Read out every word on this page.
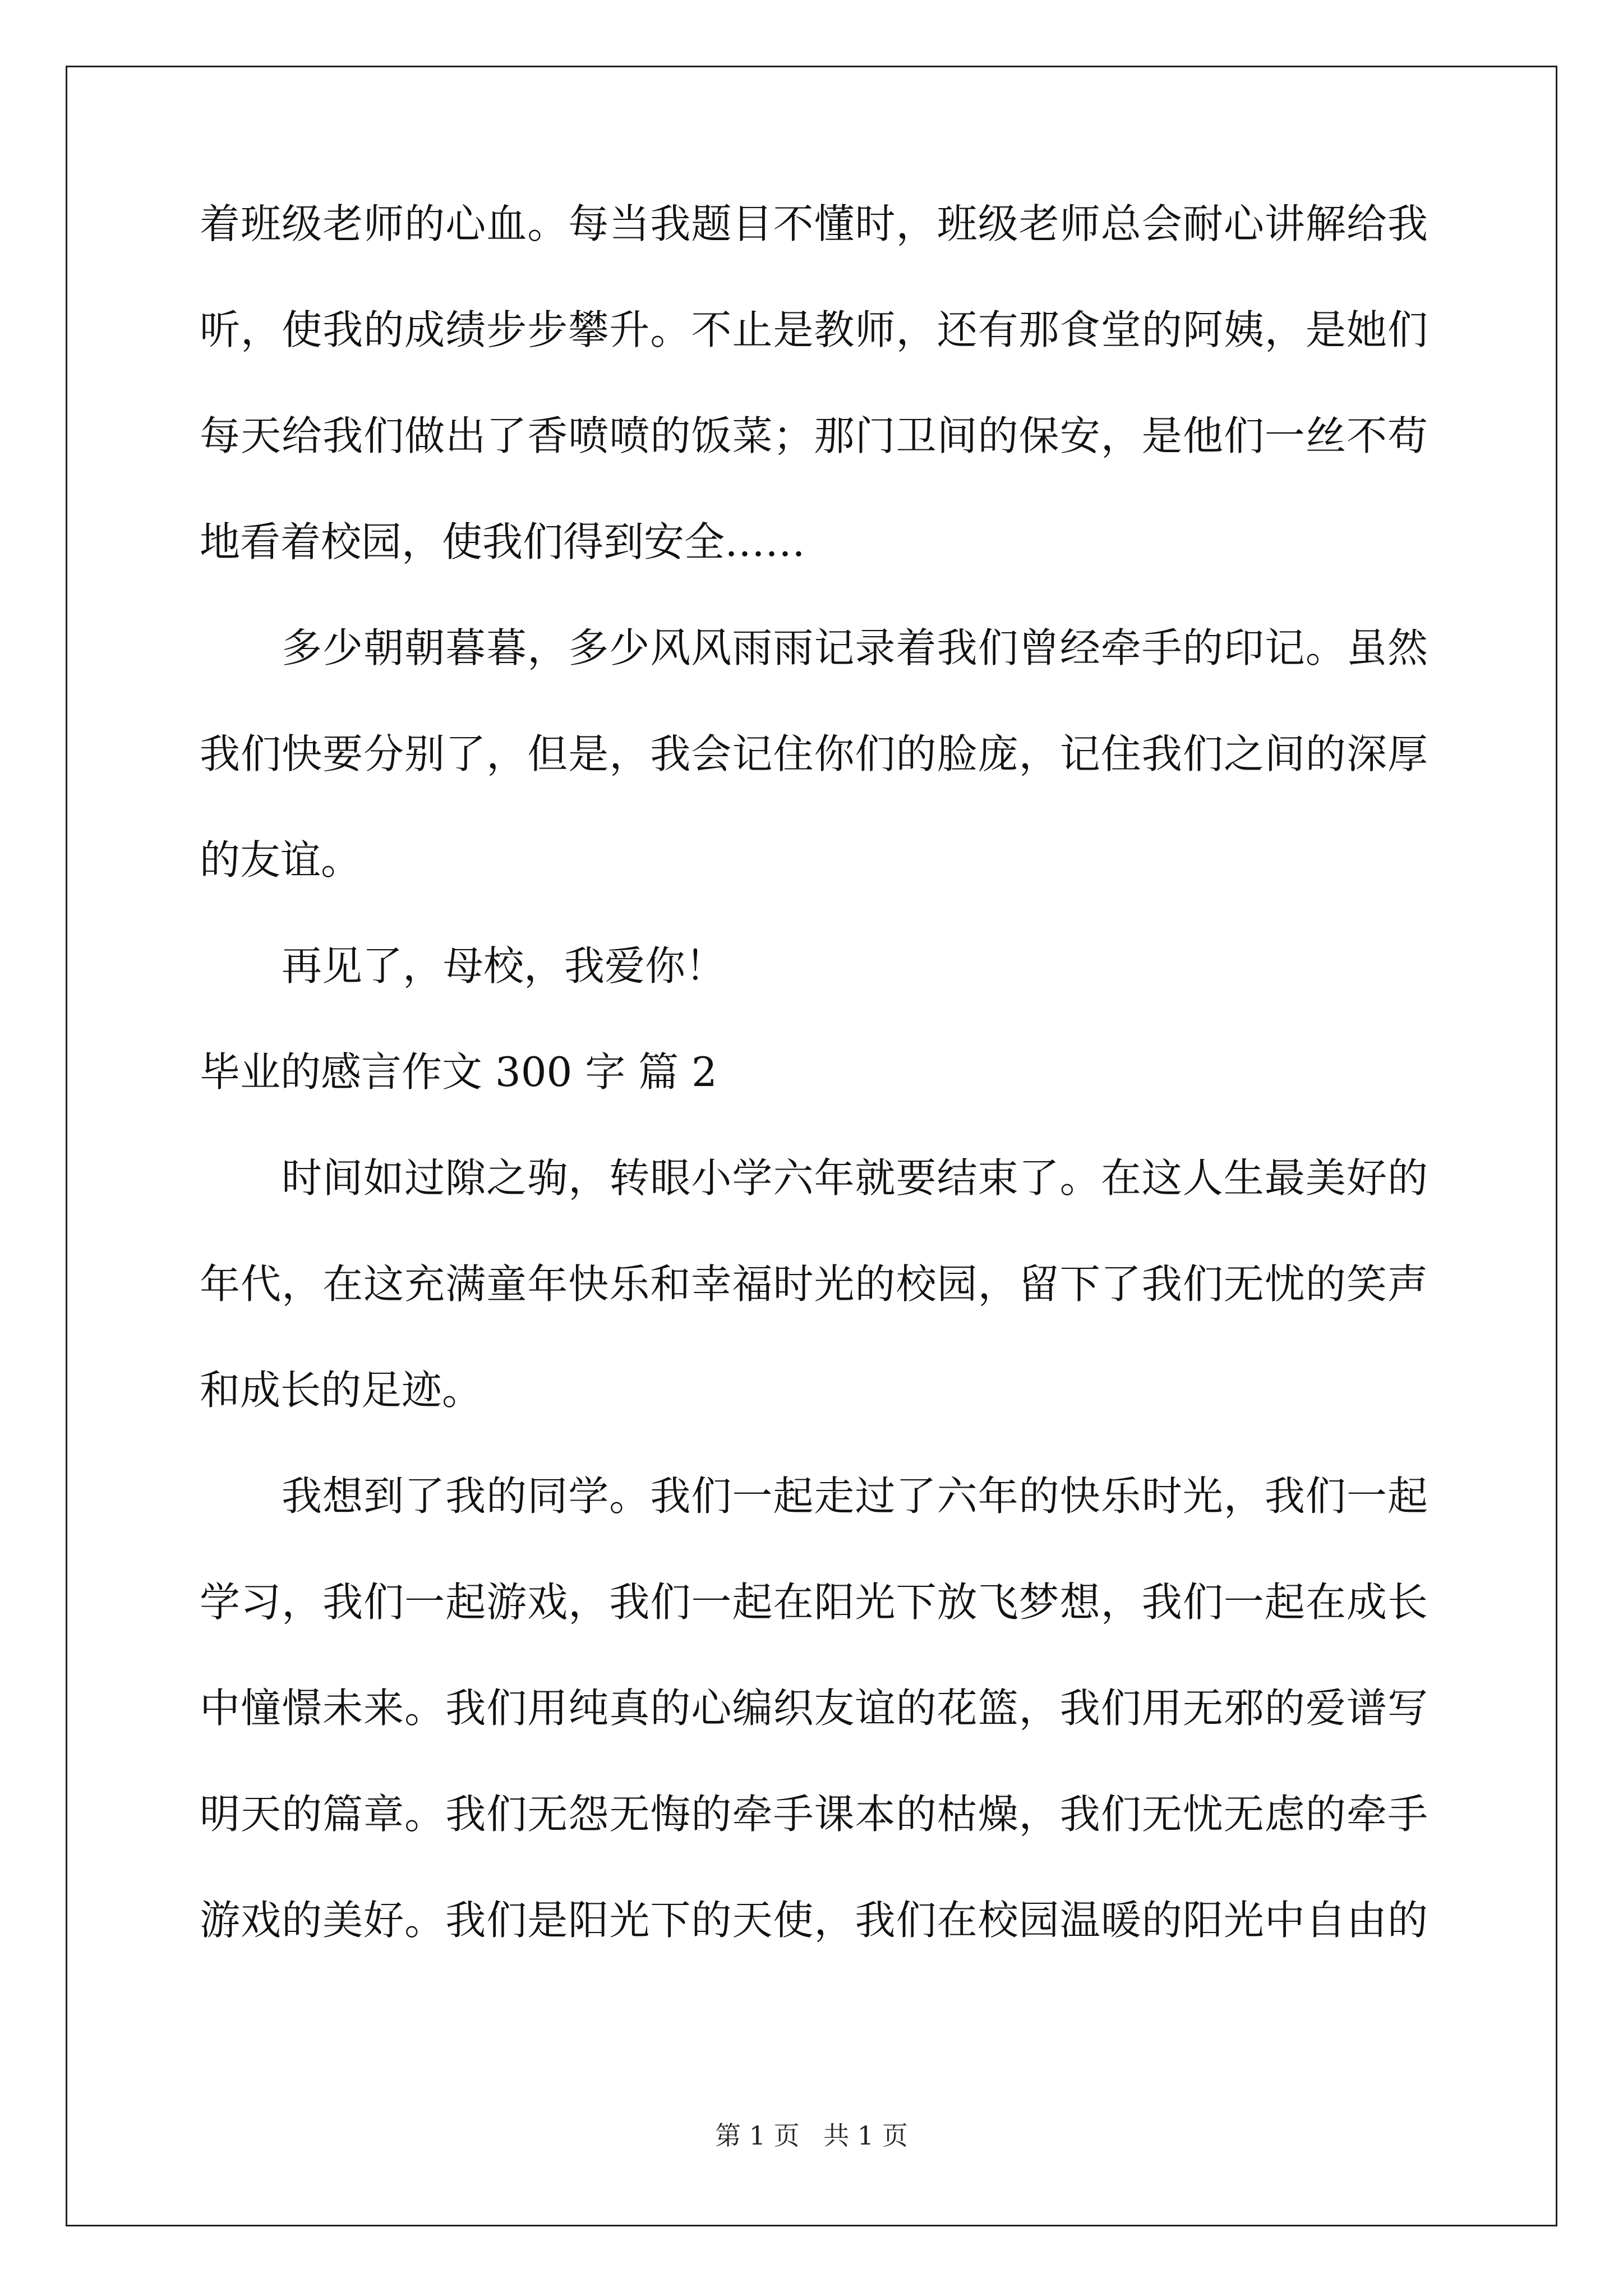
着班级老师的心血。每当我题目不懂时，班级老师总会耐心讲解给我
听，使我的成绩步步攀升。不止是教师，还有那食堂的阿姨，是她们
每天给我们做出了香喷喷的饭菜；那门卫间的保安，是他们一丝不苟
地看着校园，使我们得到安全……
多少朝朝暮暮，多少风风雨雨记录着我们曾经牵手的印记。虽然
我们快要分别了，但是，我会记住你们的脸庞，记住我们之间的深厚
的友谊。
再见了，母校，我爱你！
毕业的感言作文 300 字 篇 2
时间如过隙之驹，转眼小学六年就要结束了。在这人生最美好的
年代，在这充满童年快乐和幸福时光的校园，留下了我们无忧的笑声
和成长的足迹。
我想到了我的同学。我们一起走过了六年的快乐时光，我们一起
学习，我们一起游戏，我们一起在阳光下放飞梦想，我们一起在成长
中憧憬未来。我们用纯真的心编织友谊的花篮，我们用无邪的爱谱写
明天的篇章。我们无怨无悔的牵手课本的枯燥，我们无忧无虑的牵手
游戏的美好。我们是阳光下的天使，我们在校园温暖的阳光中自由的
第 1 页 共 1 页
